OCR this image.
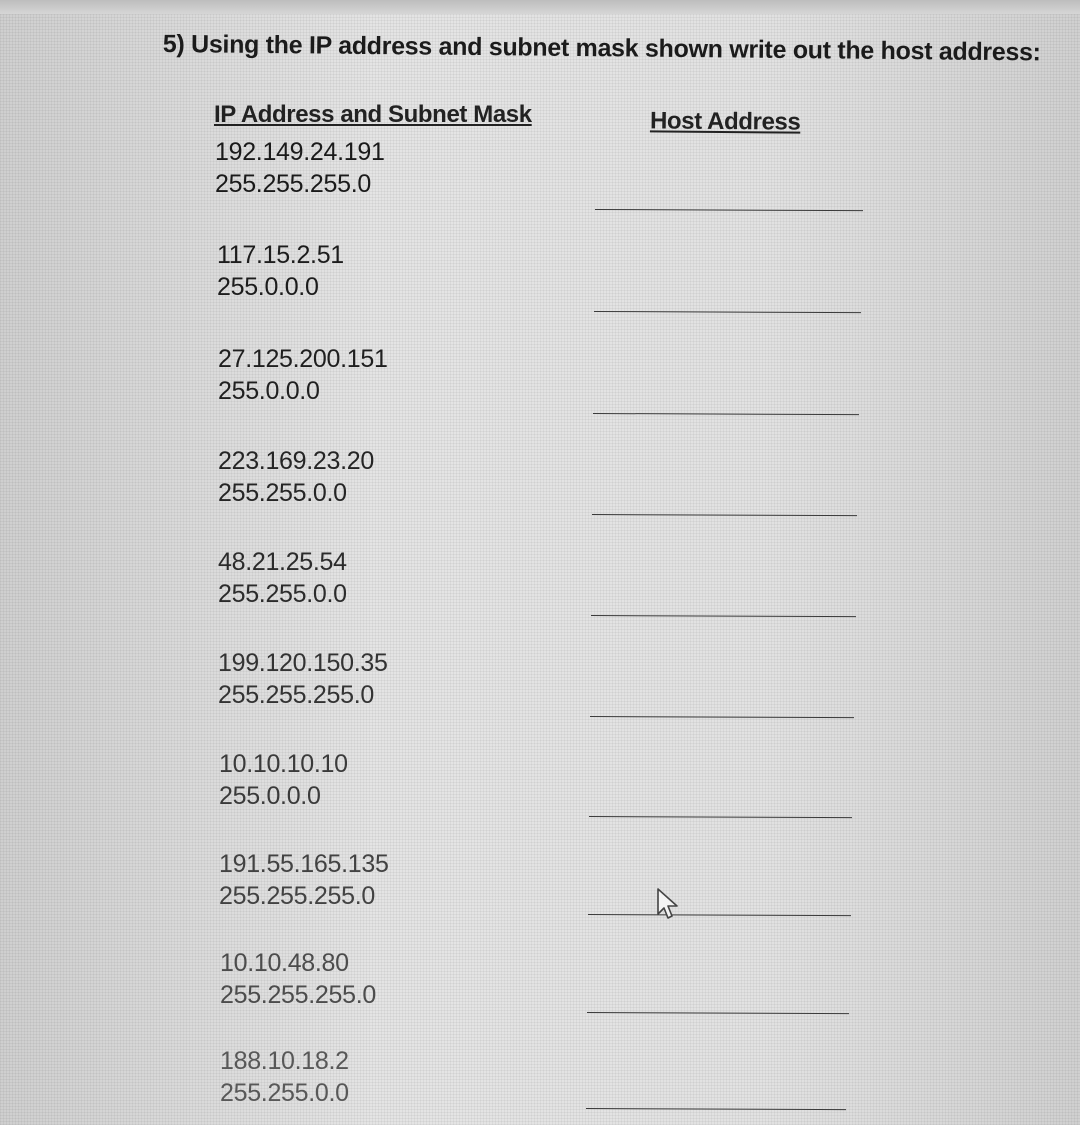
5) Using the IP address and subnet mask shown write out the host address:
IP Address and Subnet Mask	Host Address
192.149.24.191
255.255.255.0
117.15.2.51
255.0.0.0
27.125.200.151
255.0.0.0
223.169.23.20
255.255.0.0
48.21.25.54
255.255.0.0
199.120.150.35
255.255.255.0
10.10.10.10
255.0.0.0
191.55.165.135
255.255.255.0
10.10.48.80
255.255.255.0
188.10.18.2
255.255.0.0
